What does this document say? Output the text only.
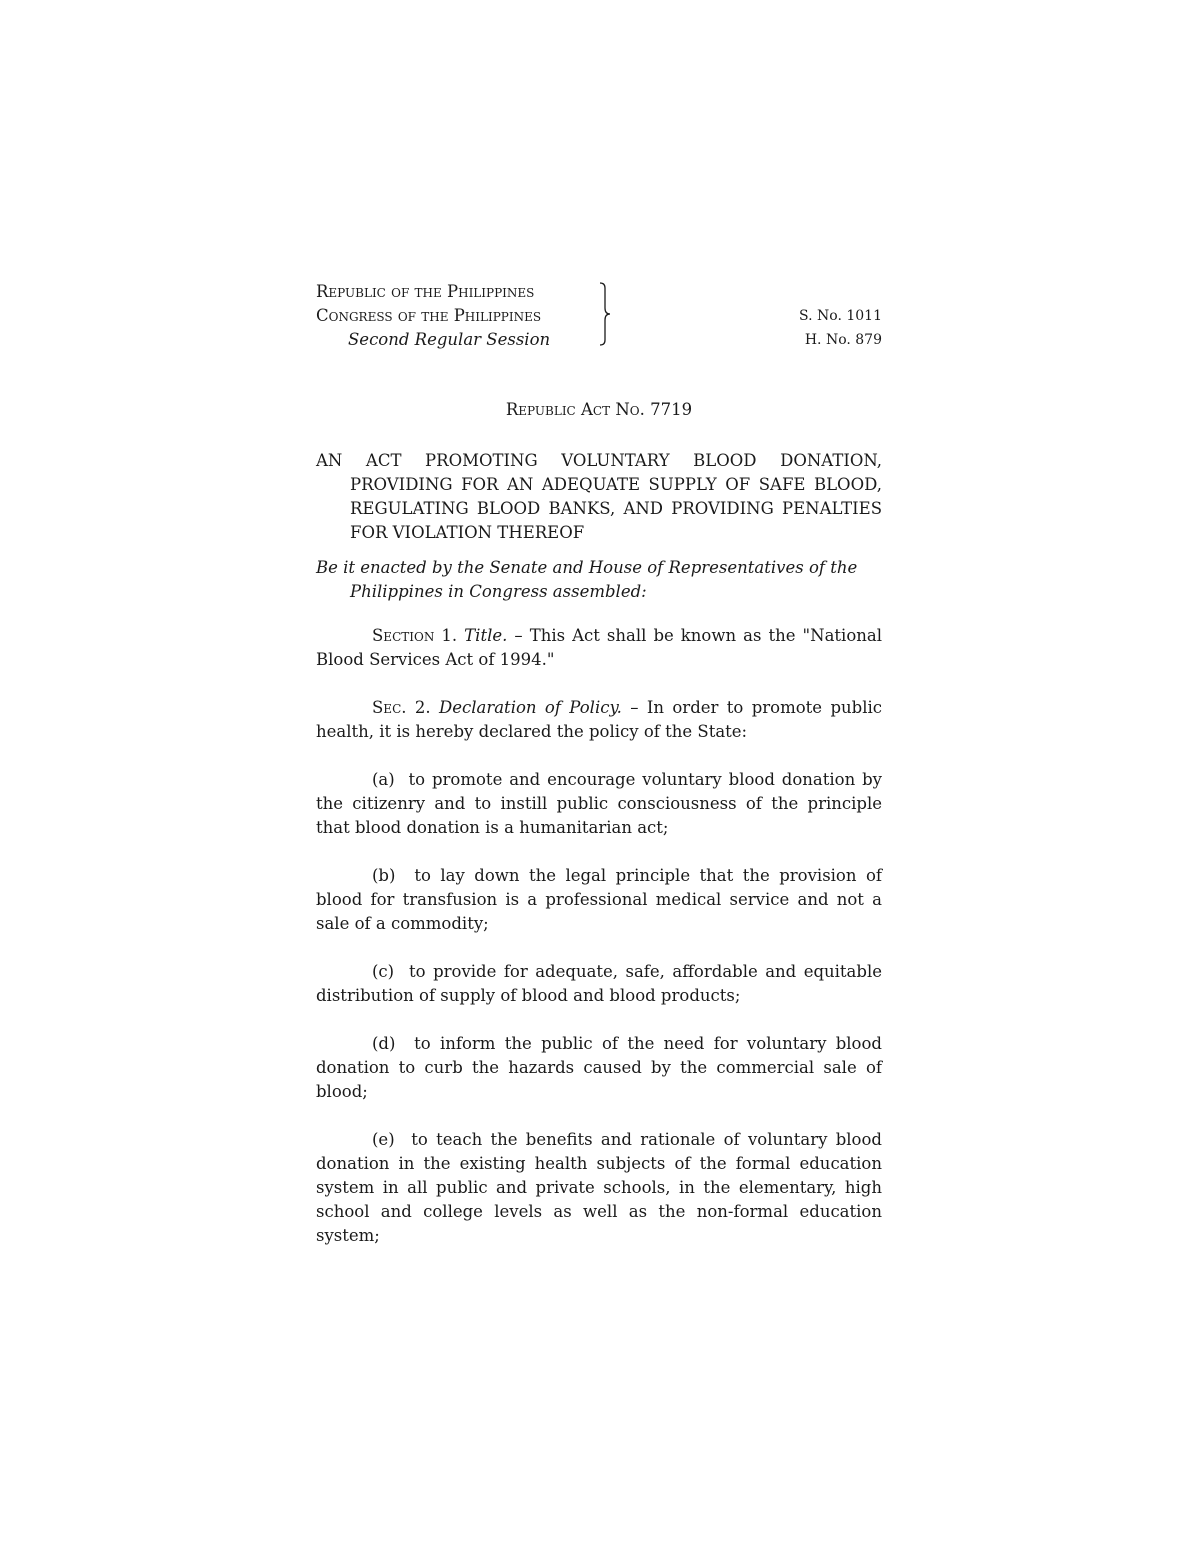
Republic of the Philippines
Congress of the Philippines
Second Regular Session
S. No. 1011
H. No. 879
Republic Act No. 7719
AN ACT PROMOTING VOLUNTARY BLOOD DONATION, PROVIDING FOR AN ADEQUATE SUPPLY OF SAFE BLOOD, REGULATING BLOOD BANKS, AND PROVIDING PENALTIES FOR VIOLATION THEREOF
Be it enacted by the Senate and House of Representatives of the Philippines in Congress assembled:
Section 1. Title. – This Act shall be known as the "National Blood Services Act of 1994."
Sec. 2. Declaration of Policy. – In order to promote public health, it is hereby declared the policy of the State:
(a) to promote and encourage voluntary blood donation by the citizenry and to instill public consciousness of the principle that blood donation is a humanitarian act;
(b) to lay down the legal principle that the provision of blood for transfusion is a professional medical service and not a sale of a commodity;
(c) to provide for adequate, safe, affordable and equitable distribution of supply of blood and blood products;
(d) to inform the public of the need for voluntary blood donation to curb the hazards caused by the commercial sale of blood;
(e) to teach the benefits and rationale of voluntary blood donation in the existing health subjects of the formal education system in all public and private schools, in the elementary, high school and college levels as well as the non-formal education system;
